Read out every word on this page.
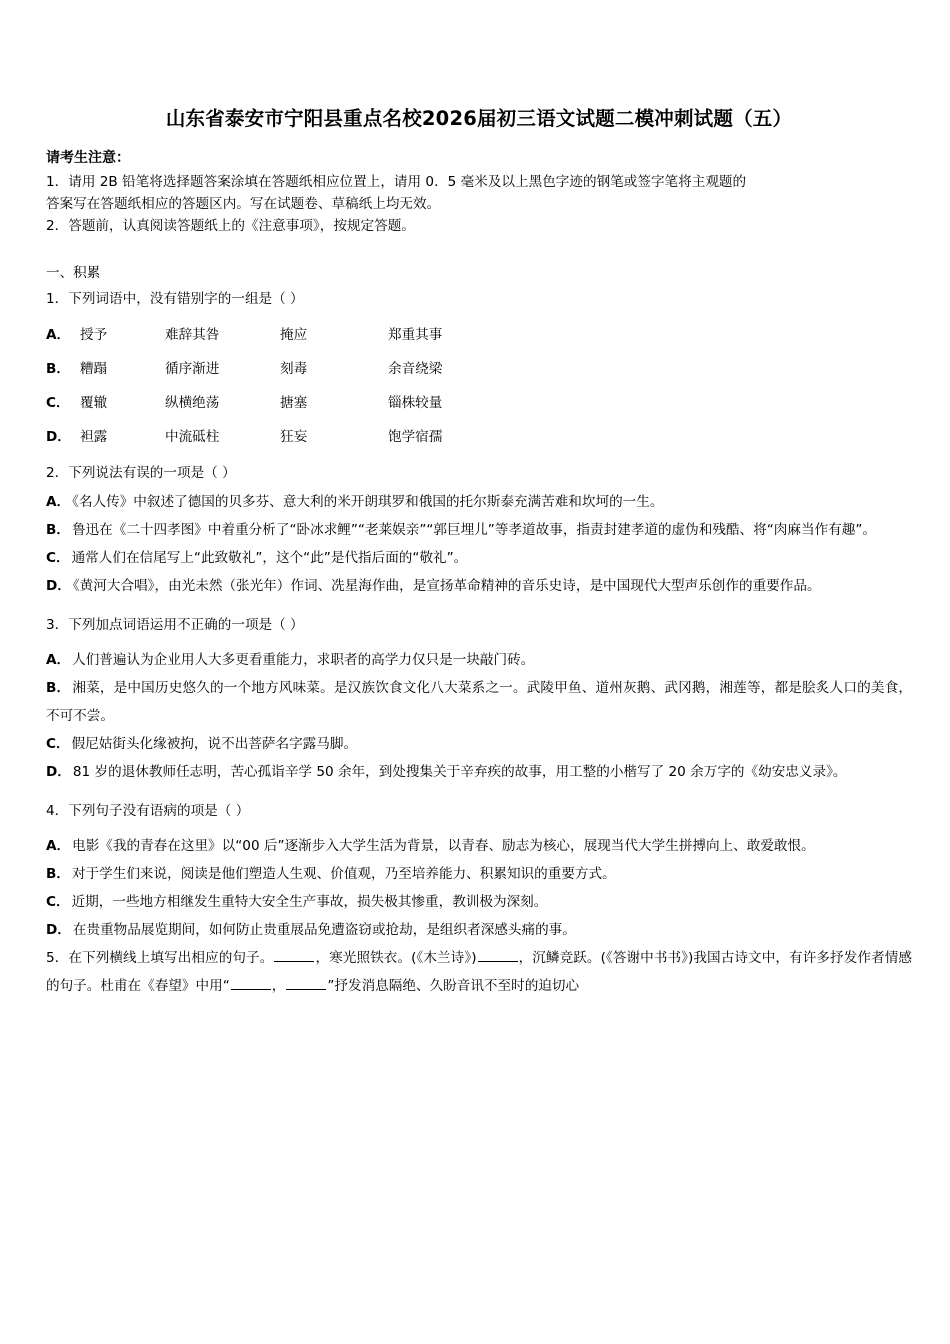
山东省泰安市宁阳县重点名校2026届初三语文试题二模冲刺试题（五）
请考生注意：
1．请用 2B 铅笔将选择题答案涂填在答题纸相应位置上，请用 0．5 毫米及以上黑色字迹的钢笔或签字笔将主观题的
答案写在答题纸相应的答题区内。写在试题卷、草稿纸上均无效。
2．答题前，认真阅读答题纸上的《注意事项》，按规定答题。
一、积累
1．下列词语中，没有错别字的一组是（ ）
A．	授予	难辞其咎	掩应	郑重其事
B．	糟蹋	循序渐进	刻毒	余音绕梁
C．	覆辙	纵横绝荡	搪塞	锱株较量
D．	袒露	中流砥柱	狂妄	饱学宿孺
2．下列说法有误的一项是（ ）

A． 《名人传》中叙述了德国的贝多芬、意大利的米开朗琪罗和俄国的托尔斯泰充满苦难和坎坷的一生。

B． 鲁迅在《二十四孝图》中着重分析了“卧冰求鲤”“老莱娱亲”“郭巨埋儿”等孝道故事，指责封建孝道的虚伪和残酷、将“肉麻当作有趣”。

C． 通常人们在信尾写上“此致敬礼”，这个“此”是代指后面的“敬礼”。

D． 《黄河大合唱》，由光未然（张光年）作词、冼星海作曲，是宣扬革命精神的音乐史诗，是中国现代大型声乐创作的重要作品。

3．下列加点词语运用不正确的一项是（ ）

A． 人们普遍认为企业用人大多更看重能力，求职者的高学力仅只是一块敲门砖。

B． 湘菜，是中国历史悠久的一个地方风味菜。是汉族饮食文化八大菜系之一。武陵甲鱼、道州灰鹅、武冈鹅，湘莲等，都是脍炙人口的美食，不可不尝。

C． 假尼姑街头化缘被拘，说不出菩萨名字露马脚。

D． 81 岁的退休教师任志明，苦心孤诣辛学 50 余年，到处搜集关于辛弃疾的故事，用工整的小楷写了 20 余万字的《幼安忠义录》。

4．下列句子没有语病的项是（ ）

A． 电影《我的青春在这里》以“00 后”逐渐步入大学生活为背景，以青春、励志为核心，展现当代大学生拼搏向上、敢爱敢恨。

B． 对于学生们来说，阅读是他们塑造人生观、价值观，乃至培养能力、积累知识的重要方式。

C． 近期，一些地方相继发生重特大安全生产事故，损失极其惨重，教训极为深刻。

D． 在贵重物品展览期间，如何防止贵重展品免遭盗窃或抢劫，是组织者深感头痛的事。

5．在下列横线上填写出相应的句子。	，寒光照铁衣。(《木兰诗》)	，沉鳞竞跃。(《答谢中书书》)我国古诗文中，有许多抒发作者情感的句子。杜甫在《春望》中用“	，	”抒发消息隔绝、久盼音讯不至时的迫切心
